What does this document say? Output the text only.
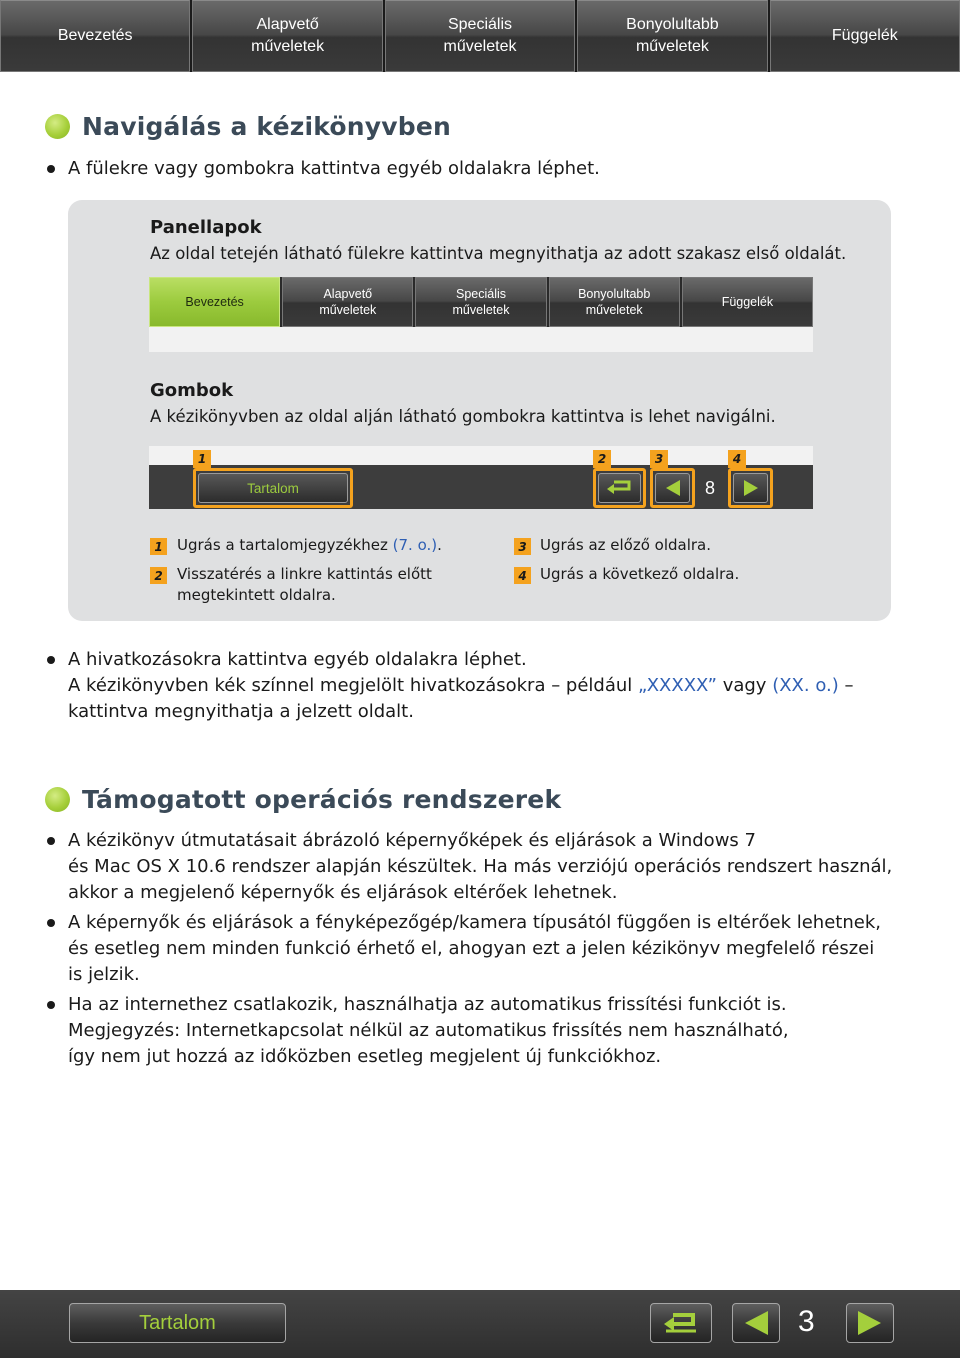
Bevezetés
Alapvető
műveletek
Speciális
műveletek
Bonyolultabb
műveletek
Függelék
Navigálás a kézikönyvben
A fülekre vagy gombokra kattintva egyéb oldalakra léphet.
Panellapok
Az oldal tetején látható fülekre kattintva megnyithatja az adott szakasz első oldalát.
Bevezetés
Alapvető
műveletek
Speciális
műveletek
Bonyolultabb
műveletek
Függelék
Gombok
A kézikönyvben az oldal alján látható gombokra kattintva is lehet navigálni.
1	2	3	4
Tartalom	8
1 Ugrás a tartalomjegyzékhez (7. o.).
2 Visszatérés a linkre kattintás előtt
megtekintett oldalra.
3 Ugrás az előző oldalra.
4 Ugrás a következő oldalra.
A hivatkozásokra kattintva egyéb oldalakra léphet.
A kézikönyvben kék színnel megjelölt hivatkozásokra – például „XXXXX” vagy (XX. o.) –
kattintva megnyithatja a jelzett oldalt.
Támogatott operációs rendszerek
A kézikönyv útmutatásait ábrázoló képernyőképek és eljárások a Windows 7
és Mac OS X 10.6 rendszer alapján készültek. Ha más verziójú operációs rendszert használ,
akkor a megjelenő képernyők és eljárások eltérőek lehetnek.
A képernyők és eljárások a fényképezőgép/kamera típusától függően is eltérőek lehetnek,
és esetleg nem minden funkció érhető el, ahogyan ezt a jelen kézikönyv megfelelő részei
is jelzik.
Ha az internethez csatlakozik, használhatja az automatikus frissítési funkciót is.
Megjegyzés: Internetkapcsolat nélkül az automatikus frissítés nem használható,
így nem jut hozzá az időközben esetleg megjelent új funkciókhoz.
Tartalom	3
